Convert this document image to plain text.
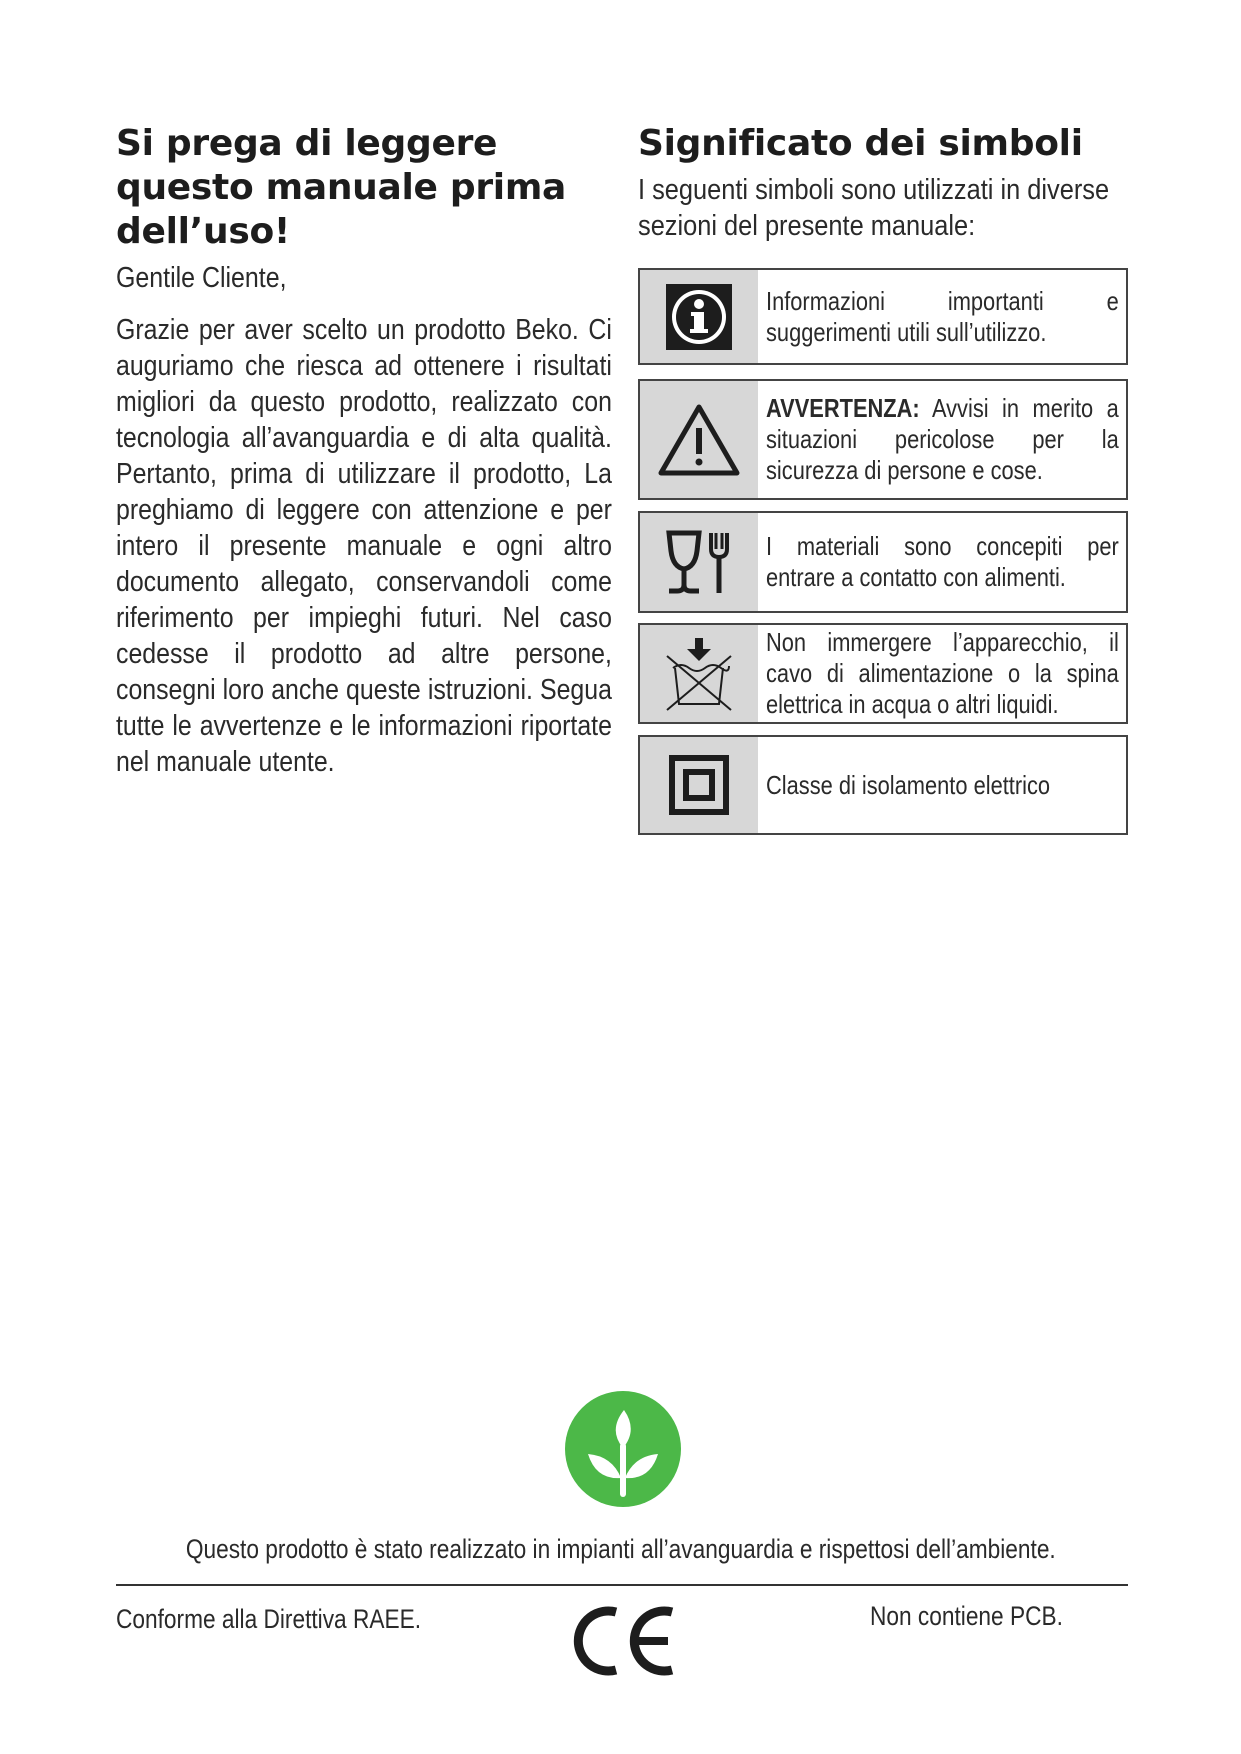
Si prega di leggere questo manuale prima dell’uso!
Gentile Cliente,

Grazie per aver scelto un prodotto Beko. Ci auguriamo che riesca ad ottenere i risultati migliori da questo prodotto, realizzato con tecnologia all’avanguardia e di alta qualità. Pertanto, prima di utilizzare il prodotto, La preghiamo di leggere con attenzione e per intero il presente manuale e ogni altro documento allegato, conservandoli come riferimento per impieghi futuri. Nel caso cedesse il prodotto ad altre persone, consegni loro anche queste istruzioni. Segua tutte le avvertenze e le informazioni riportate nel manuale utente.

Significato dei simboli

I seguenti simboli sono utilizzati in diverse sezioni del presente manuale:

Informazioni importanti e suggerimenti utili sull’utilizzo.
AVVERTENZA: Avvisi in merito a situazioni pericolose per la sicurezza di persone e cose.
I materiali sono concepiti per entrare a contatto con alimenti.
Non immergere l’apparecchio, il cavo di alimentazione o la spina elettrica in acqua o altri liquidi.
Classe di isolamento elettrico
Questo prodotto è stato realizzato in impianti all’avanguardia e rispettosi dell’ambiente.
Conforme alla Direttiva RAEE.	Non contiene PCB.
